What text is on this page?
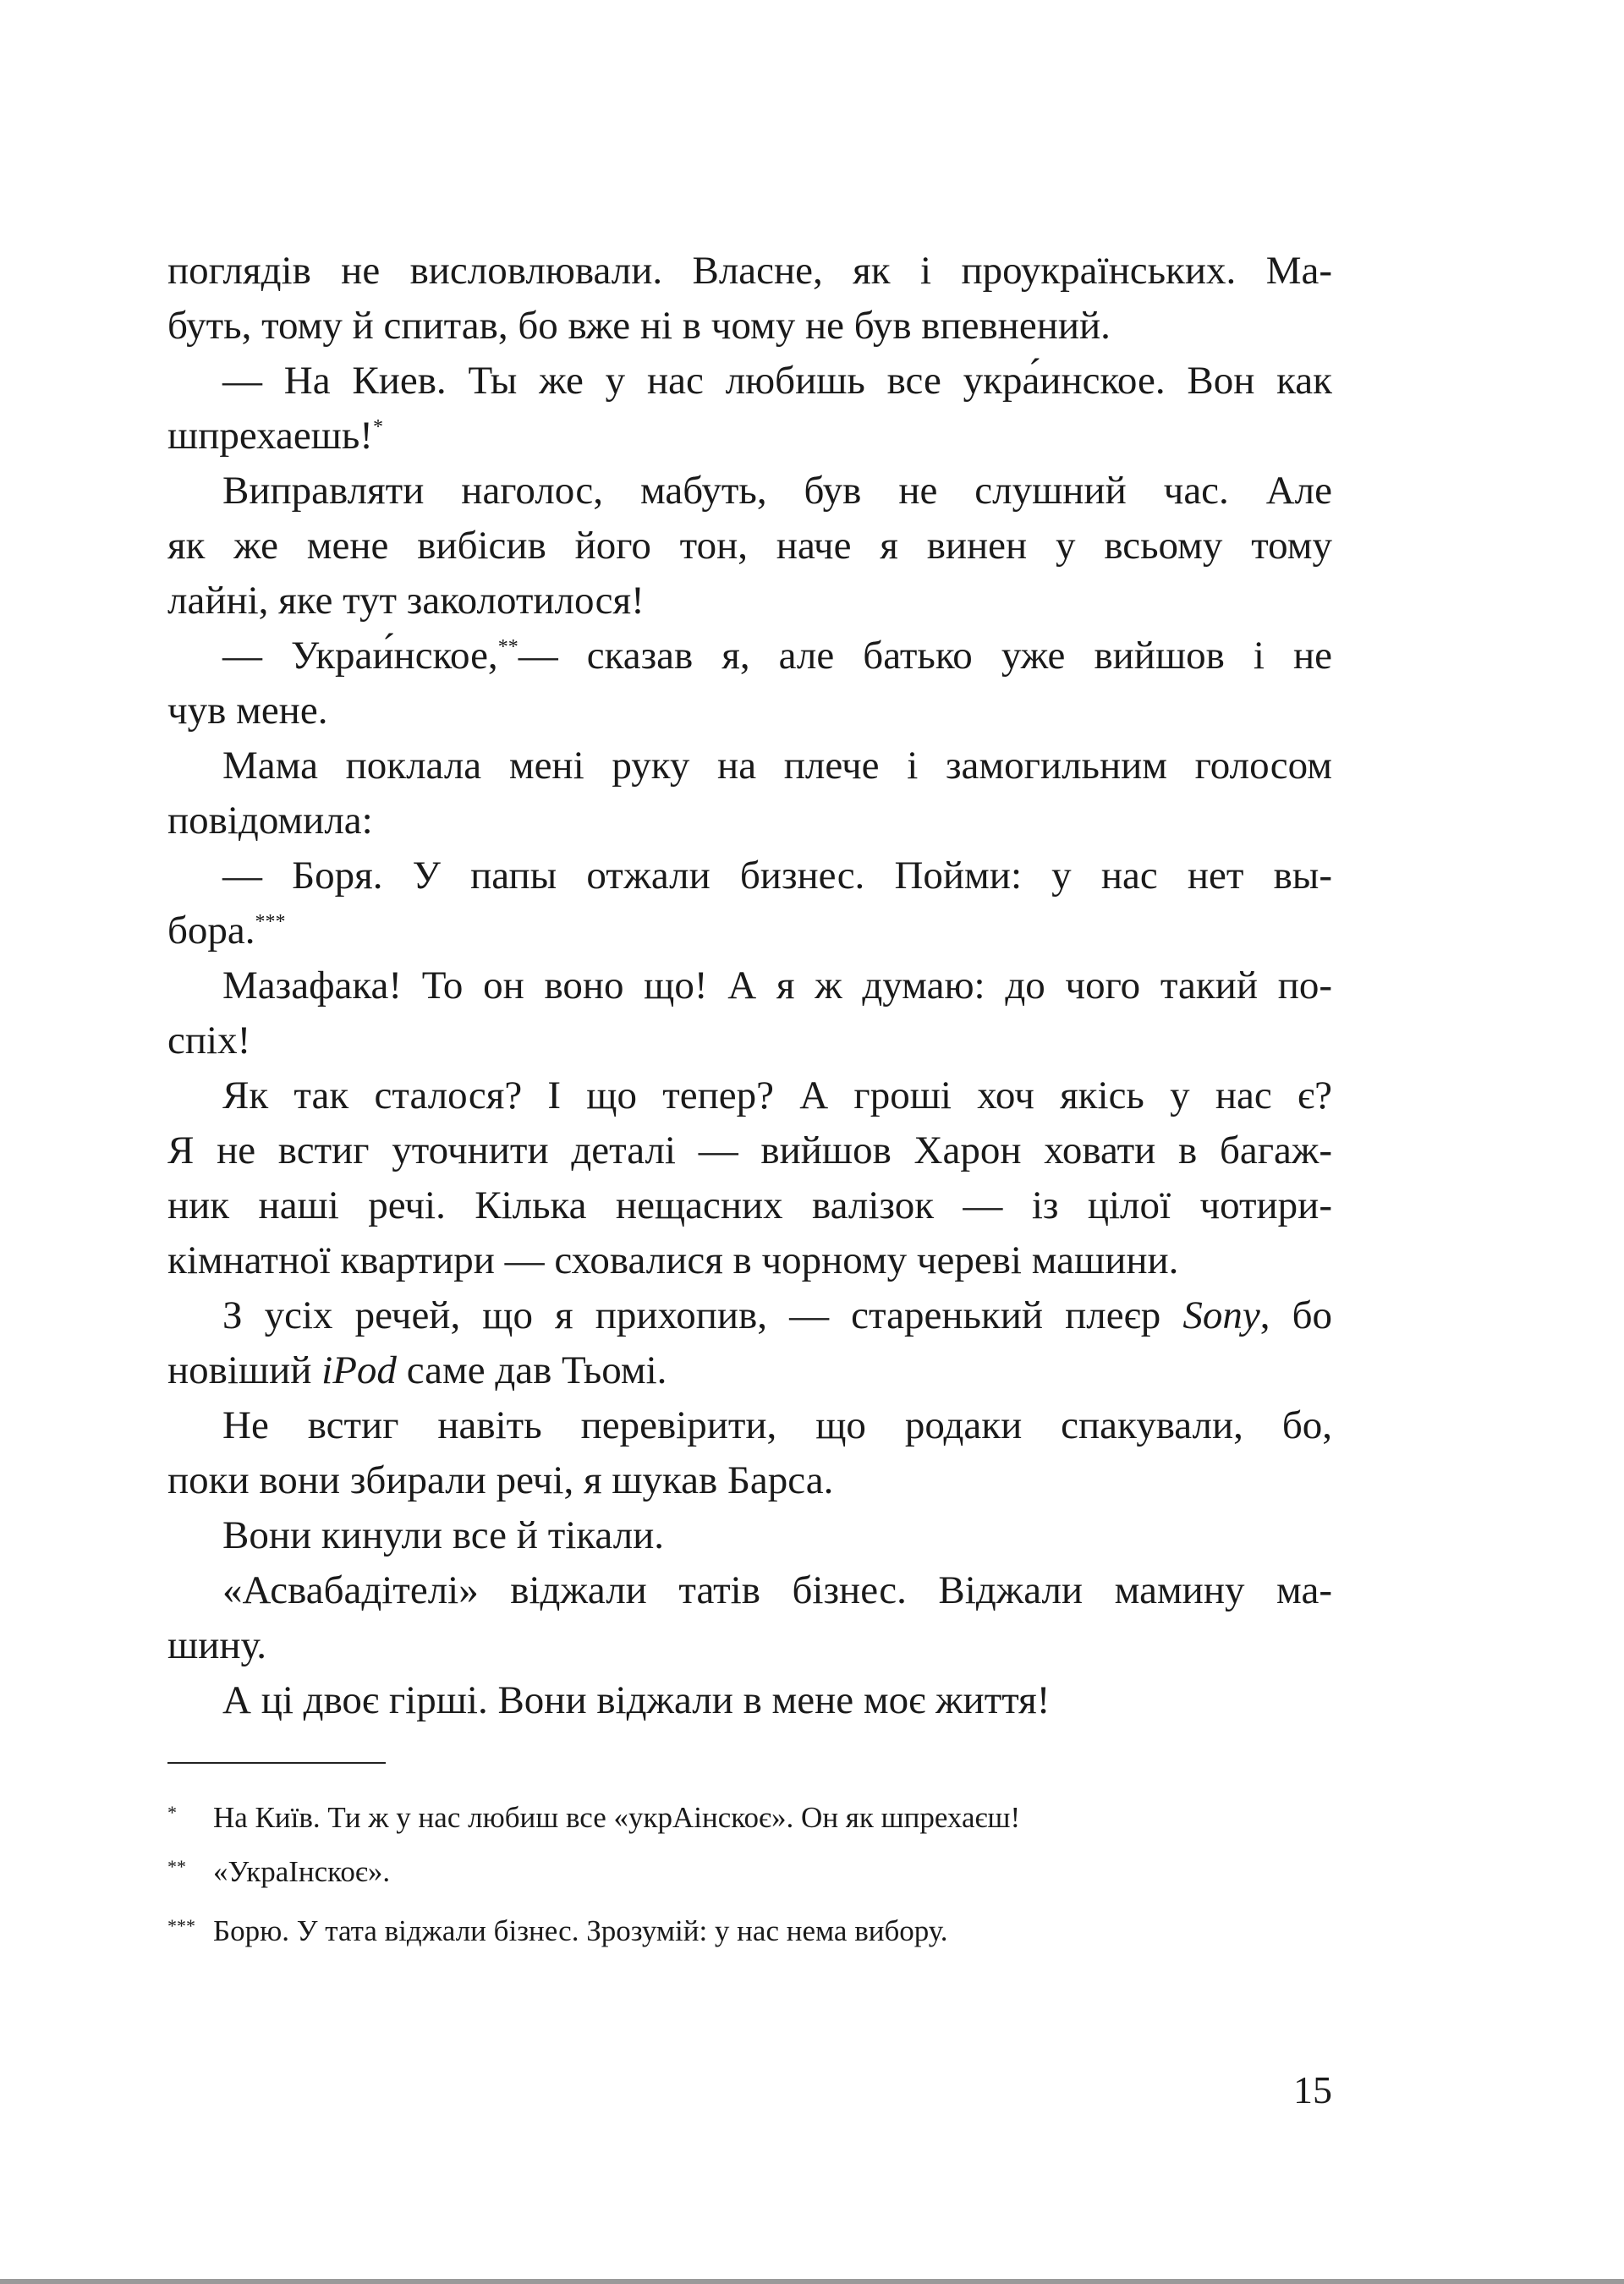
поглядів не висловлювали. Власне, як і проукраїнських. Ма-
буть, тому й спитав, бо вже ні в чому не був впевнений.
— На Киев. Ты же у нас любишь все укра́инское. Вон как
шпрехаешь!*
Виправляти наголос, мабуть, був не слушний час. Але
як же мене вибісив його тон, наче я винен у всьому тому
лайні, яке тут заколотилося!
— Украи́нское,**— сказав я, але батько уже вийшов і не
чув мене.
Мама поклала мені руку на плече і замогильним голосом
повідомила:
— Боря. У папы отжали бизнес. Пойми: у нас нет вы-
бора.***
Мазафака! То он воно що! А я ж думаю: до чого такий по-
спіх!
Як так сталося? І що тепер? А гроші хоч якісь у нас є?
Я не встиг уточнити деталі — вийшов Харон ховати в багаж-
ник наші речі. Кілька нещасних валізок — із цілої чотири-
кімнатної квартири — сховалися в чорному череві машини.
З усіх речей, що я прихопив, — старенький плеєр Sony, бо
новіший iPod саме дав Тьомі.
Не встиг навіть перевірити, що родаки спакували, бо,
поки вони збирали речі, я шукав Барса.
Вони кинули все й тікали.
«Асвабадітелі» віджали татів бізнес. Віджали мамину ма-
шину.
А ці двоє гірші. Вони віджали в мене моє життя!
* На Київ. Ти ж у нас любиш все «укрАінскоє». Он як шпрехаєш!
** «УкраІнскоє».
*** Борю. У тата віджали бізнес. Зрозумій: у нас нема вибору.
15
